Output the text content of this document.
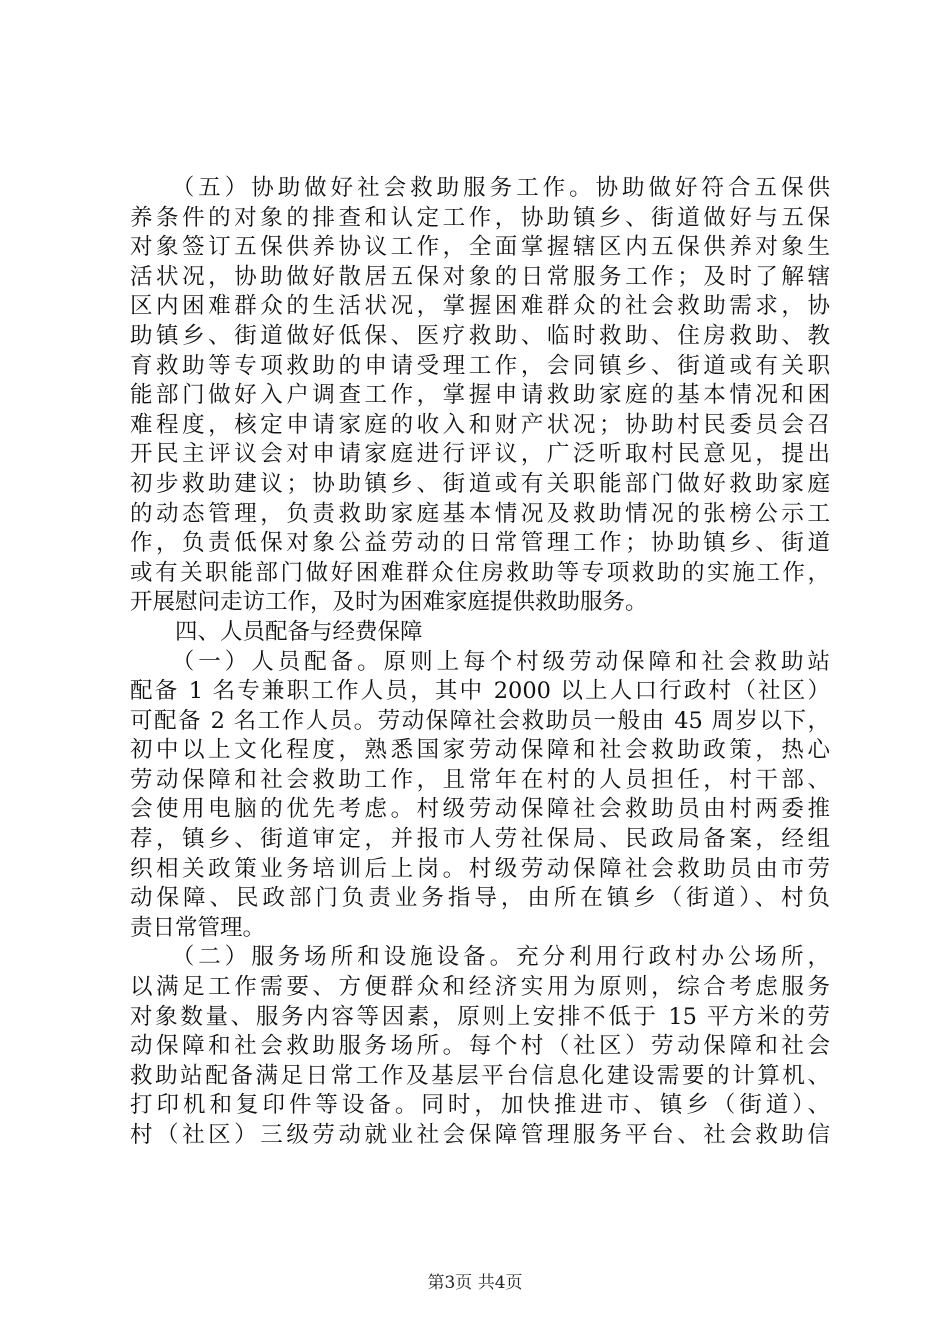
　　（五）协助做好社会救助服务工作。协助做好符合五保供
养条件的对象的排查和认定工作，协助镇乡、街道做好与五保
对象签订五保供养协议工作，全面掌握辖区内五保供养对象生
活状况，协助做好散居五保对象的日常服务工作；及时了解辖
区内困难群众的生活状况，掌握困难群众的社会救助需求，协
助镇乡、街道做好低保、医疗救助、临时救助、住房救助、教
育救助等专项救助的申请受理工作，会同镇乡、街道或有关职
能部门做好入户调查工作，掌握申请救助家庭的基本情况和困
难程度，核定申请家庭的收入和财产状况；协助村民委员会召
开民主评议会对申请家庭进行评议，广泛听取村民意见，提出
初步救助建议；协助镇乡、街道或有关职能部门做好救助家庭
的动态管理，负责救助家庭基本情况及救助情况的张榜公示工
作，负责低保对象公益劳动的日常管理工作；协助镇乡、街道
或有关职能部门做好困难群众住房救助等专项救助的实施工作，
开展慰问走访工作，及时为困难家庭提供救助服务。
　　四、人员配备与经费保障
　　（一）人员配备。原则上每个村级劳动保障和社会救助站
配备 1 名专兼职工作人员，其中 2000 以上人口行政村（社区）
可配备 2 名工作人员。劳动保障社会救助员一般由 45 周岁以下，
初中以上文化程度，熟悉国家劳动保障和社会救助政策，热心
劳动保障和社会救助工作，且常年在村的人员担任，村干部、
会使用电脑的优先考虑。村级劳动保障社会救助员由村两委推
荐，镇乡、街道审定，并报市人劳社保局、民政局备案，经组
织相关政策业务培训后上岗。村级劳动保障社会救助员由市劳
动保障、民政部门负责业务指导，由所在镇乡（街道）、村负
责日常管理。
　　（二）服务场所和设施设备。充分利用行政村办公场所，
以满足工作需要、方便群众和经济实用为原则，综合考虑服务
对象数量、服务内容等因素，原则上安排不低于 15 平方米的劳
动保障和社会救助服务场所。每个村（社区）劳动保障和社会
救助站配备满足日常工作及基层平台信息化建设需要的计算机、
打印机和复印件等设备。同时，加快推进市、镇乡（街道）、
村（社区）三级劳动就业社会保障管理服务平台、社会救助信
第3页 共4页
